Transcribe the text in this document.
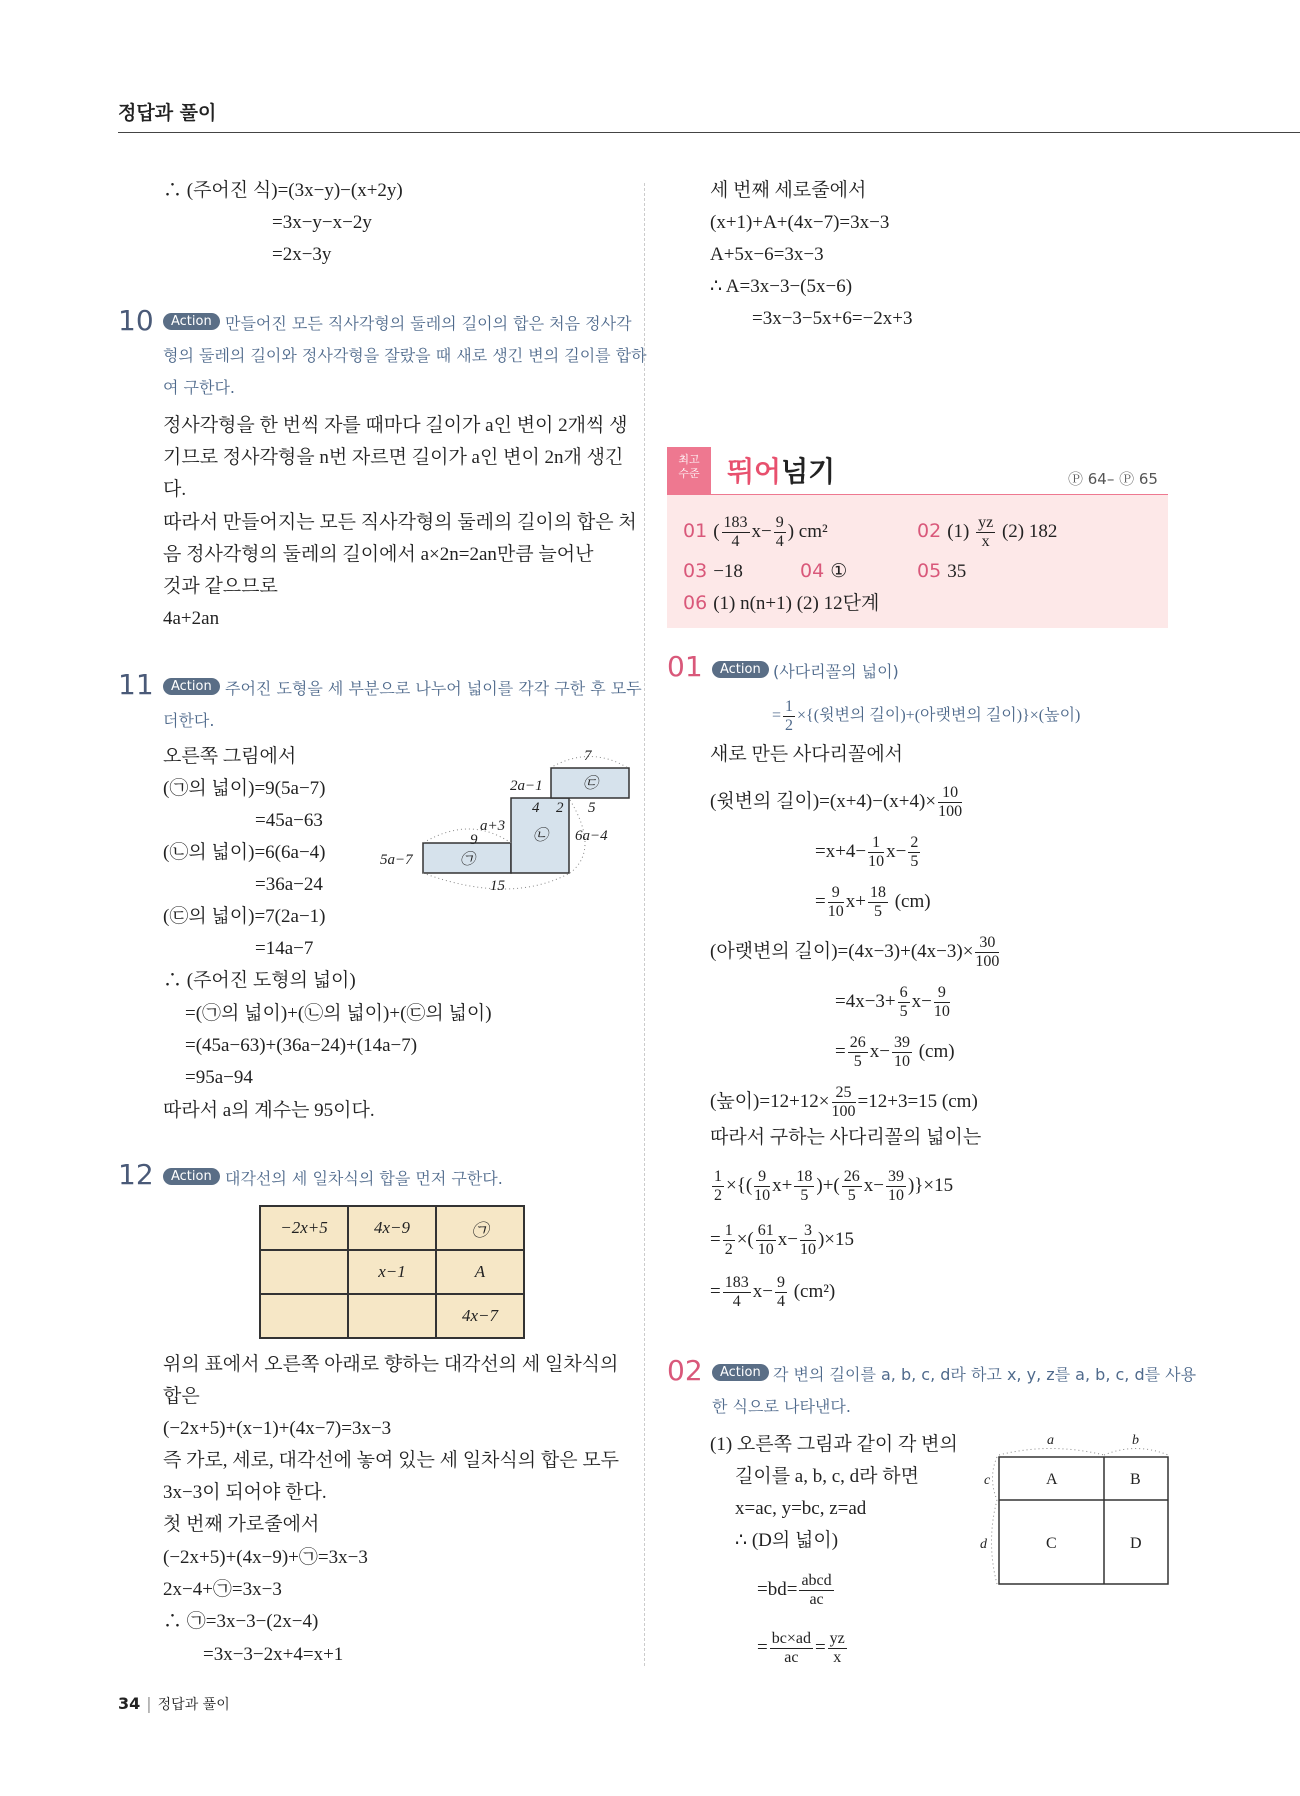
정답과 풀이
∴ (주어진 식)=(3x−y)−(x+2y)
=3x−y−x−2y
=2x−3y
10	Action 만들어진 모든 직사각형의 둘레의 길이의 합은 처음 정사각
형의 둘레의 길이와 정사각형을 잘랐을 때 새로 생긴 변의 길이를 합하
여 구한다.
정사각형을 한 번씩 자를 때마다 길이가 a인 변이 2개씩 생
기므로 정사각형을 n번 자르면 길이가 a인 변이 2n개 생긴
다.
따라서 만들어지는 모든 직사각형의 둘레의 길이의 합은 처
음 정사각형의 둘레의 길이에서 a×2n=2an만큼 늘어난
것과 같으므로
4a+2an
11	Action 주어진 도형을 세 부분으로 나누어 넓이를 각각 구한 후 모두
더한다.
오른쪽 그림에서
(㉠의 넓이)=9(5a−7)
=45a−63
(㉡의 넓이)=6(6a−4)
=36a−24
(㉢의 넓이)=7(2a−1)
=14a−7
∴ (주어진 도형의 넓이)
=(㉠의 넓이)+(㉡의 넓이)+(㉢의 넓이)
=(45a−63)+(36a−24)+(14a−7)
=95a−94
따라서 a의 계수는 95이다.
7
2a−1
4 2 5
a+3
9	6a−4
5a−7
15
㉠
㉡
㉢
12	Action 대각선의 세 일차식의 합을 먼저 구한다.
−2x+5	4x−9	㉠
	x−1	A
		4x−7
위의 표에서 오른쪽 아래로 향하는 대각선의 세 일차식의
합은
(−2x+5)+(x−1)+(4x−7)=3x−3
즉 가로, 세로, 대각선에 놓여 있는 세 일차식의 합은 모두
3x−3이 되어야 한다.
첫 번째 가로줄에서
(−2x+5)+(4x−9)+㉠=3x−3
2x−4+㉠=3x−3
∴ ㉠=3x−3−(2x−4)
=3x−3−2x+4=x+1
세 번째 세로줄에서
(x+1)+A+(4x−7)=3x−3
A+5x−6=3x−3
∴ A=3x−3−(5x−6)
=3x−3−5x+6=−2x+3
최고
수준 뛰어넘기	Ⓟ 64– Ⓟ 65
01 ( $\frac{183}{4} x- \frac{9}{4}$ ) cm²	02 $(1) \frac{yz}{x} (2)$ 182
03 −18	04 ①	05 35
06 (1) n(n+1) (2) 12단계
01	Action (사다리꼴의 넓이)
= $\frac{1}{2}$ ×{(윗변의 길이)+(아랫변의 길이)}×(높이)
새로 만든 사다리꼴에서
(윗변의 길이)$=(x+4)-(x+4)\times \frac{10}{100}$
$=x+4- \frac{1}{10} x- \frac{2}{5}$
= $\frac{9}{10} x+ \frac{18}{5} (cm)$
(아랫변의 길이)$=(4x-3)+(4x-3)\times \frac{30}{100}$
$=4x-3+ \frac{6}{5} x- \frac{9}{10}$
= $\frac{26}{5} x- \frac{39}{10} (cm)$
(높이)$=12+12\times \frac{25}{100} =12+3=15$ (cm)
따라서 구하는 사다리꼴의 넓이는
$\frac{1}{2}$ ×{( $\frac{9}{10} x+ \frac{18}{5}$ )+( $\frac{26}{5} x- \frac{39}{10} )\}\times 15$
= $\frac{1}{2}$ ×( $\frac{61}{10} x- \frac{3}{10} )\times 15$
= $\frac{183}{4} x- \frac{9}{4} (cm^2)$
02	Action 각 변의 길이를 a, b, c, d라 하고 x, y, z를 a, b, c, d를 사용
한 식으로 나타낸다.
(1) 오른쪽 그림과 같이 각 변의
길이를 a, b, c, d라 하면
x=ac, y=bc, z=ad
∴ (D의 넓이)
=bd= abcd
ac
= $\frac{bc\times ad}{ac} = \frac{yz}{x}$
a	b
c
d
A	B
C	D
34 | 정답과 풀이
